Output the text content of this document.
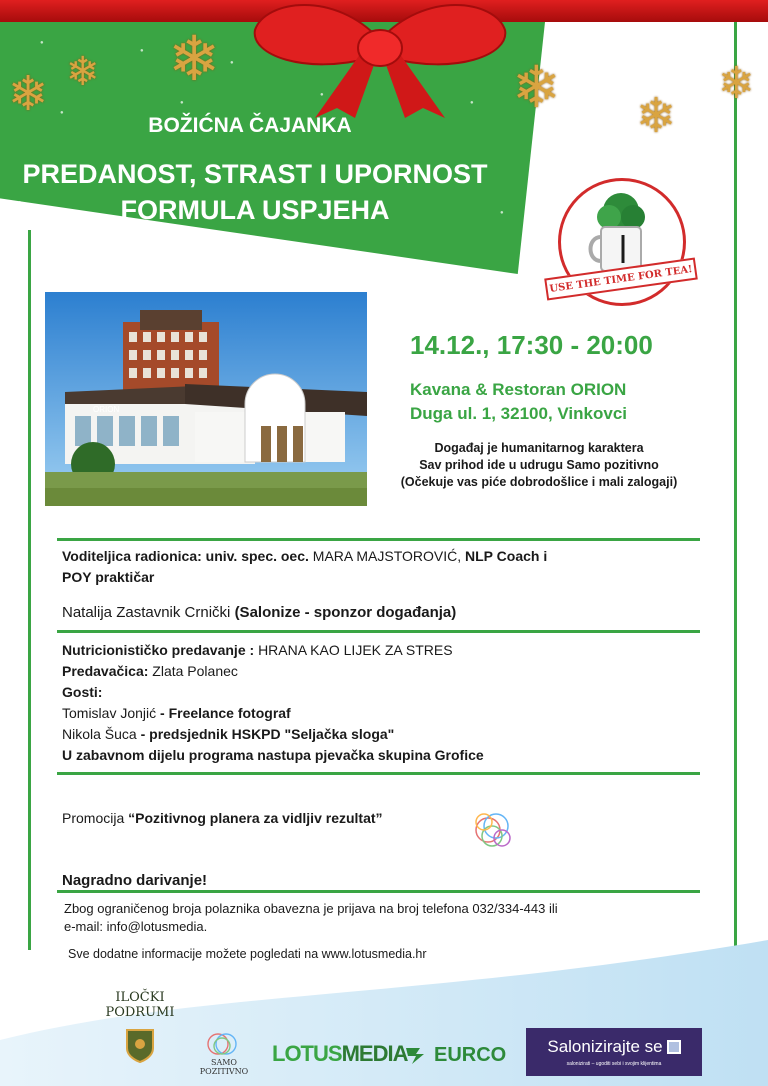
●
●
●
●
●
●
●
●
●
❄ ❄ ❄	❄ ❄
❄
BOŽIĆNA ČAJANKA
PREDANOST, STRAST I UPORNOST
FORMULA USPJEHA
USE THE TIME FOR TEA!
ORION
14.12., 17:30 - 20:00
Kavana & Restoran ORION
Duga ul. 1, 32100, Vinkovci
Događaj je humanitarnog karaktera
Sav prihod ide u udrugu Samo pozitivno
(Očekuje vas piće dobrodošlice i mali zalogaji)
Voditeljica radionica: univ. spec. oec. MARA MAJSTOROVIĆ, NLP Coach i
POY praktičar
Natalija Zastavnik Crnički (Salonize - sponzor događanja)
Nutricionističko predavanje : HRANA KAO LIJEK ZA STRES
Predavačica: Zlata Polanec
Gosti:
Tomislav Jonjić - Freelance fotograf
Nikola Šuca - predsjednik HSKPD "Seljačka sloga"
U zabavnom dijelu programa nastupa pjevačka skupina Grofice
Promocija “Pozitivnog planera za vidljiv rezultat”
Nagradno darivanje!
Zbog ograničenog broja polaznika obavezna je prijava na broj telefona 032/334-443 ili
e-mail: info@lotusmedia.
Sve dodatne informacije možete pogledati na www.lotusmedia.hr
ILOČKI
PODRUMI
SAMO
POZITIVNO
LOTUS MEDIA EURCO Salonizirajte se
salonizirati – ugoditi sebi i svojim klijentima
